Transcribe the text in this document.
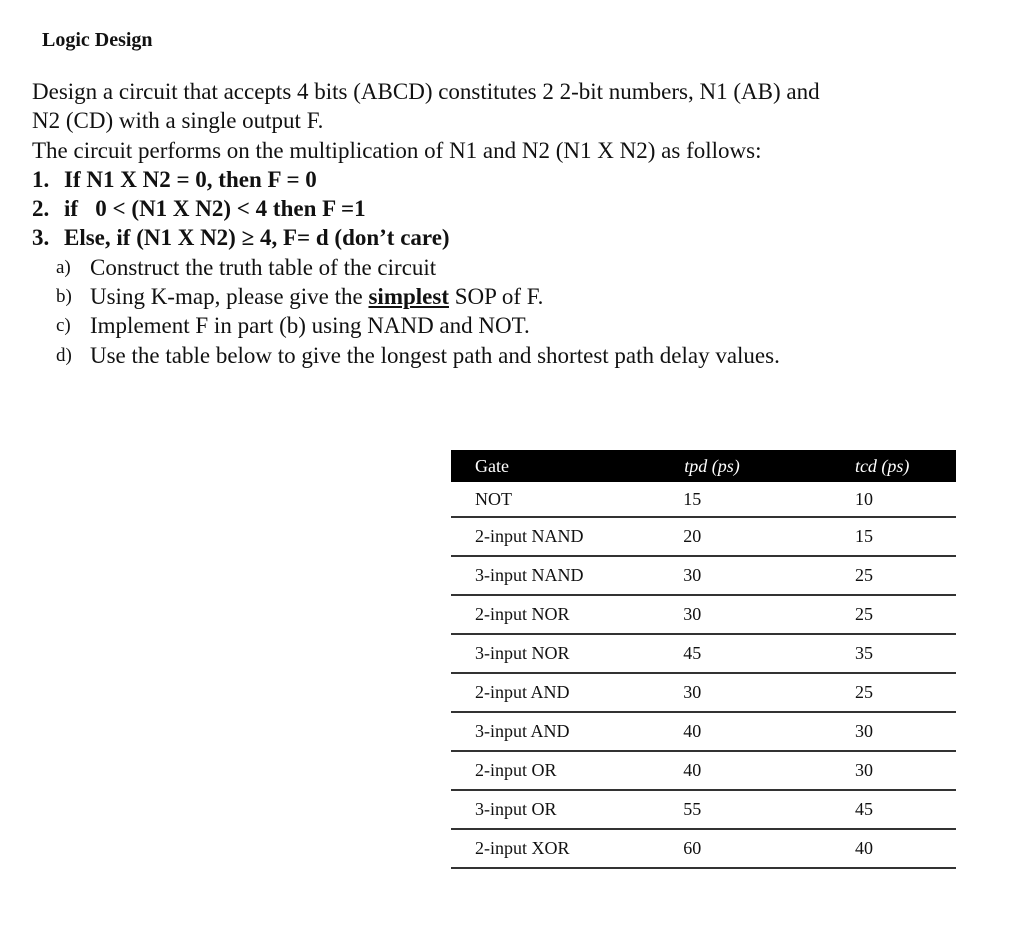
Logic Design

Design a circuit that accepts 4 bits (ABCD) constitutes 2 2-bit numbers, N1 (AB) and

N2 (CD) with a single output F.

The circuit performs on the multiplication of N1 and N2 (N1 X N2) as follows:

1. If N1 X N2 = 0, then F = 0
2. if   0 < (N1 X N2) < 4 then F =1
3. Else, if (N1 X N2) ≥ 4, F= d (don’t care)
a) Construct the truth table of the circuit
b) Using K-map, please give the simplest SOP of F.
c) Implement F in part (b) using NAND and NOT.
d) Use the table below to give the longest path and shortest path delay values.
Gate	tpd (ps)	tcd (ps)
NOT	15	10
2-input NAND	20	15
3-input NAND	30	25
2-input NOR	30	25
3-input NOR	45	35
2-input AND	30	25
3-input AND	40	30
2-input OR	40	30
3-input OR	55	45
2-input XOR	60	40
